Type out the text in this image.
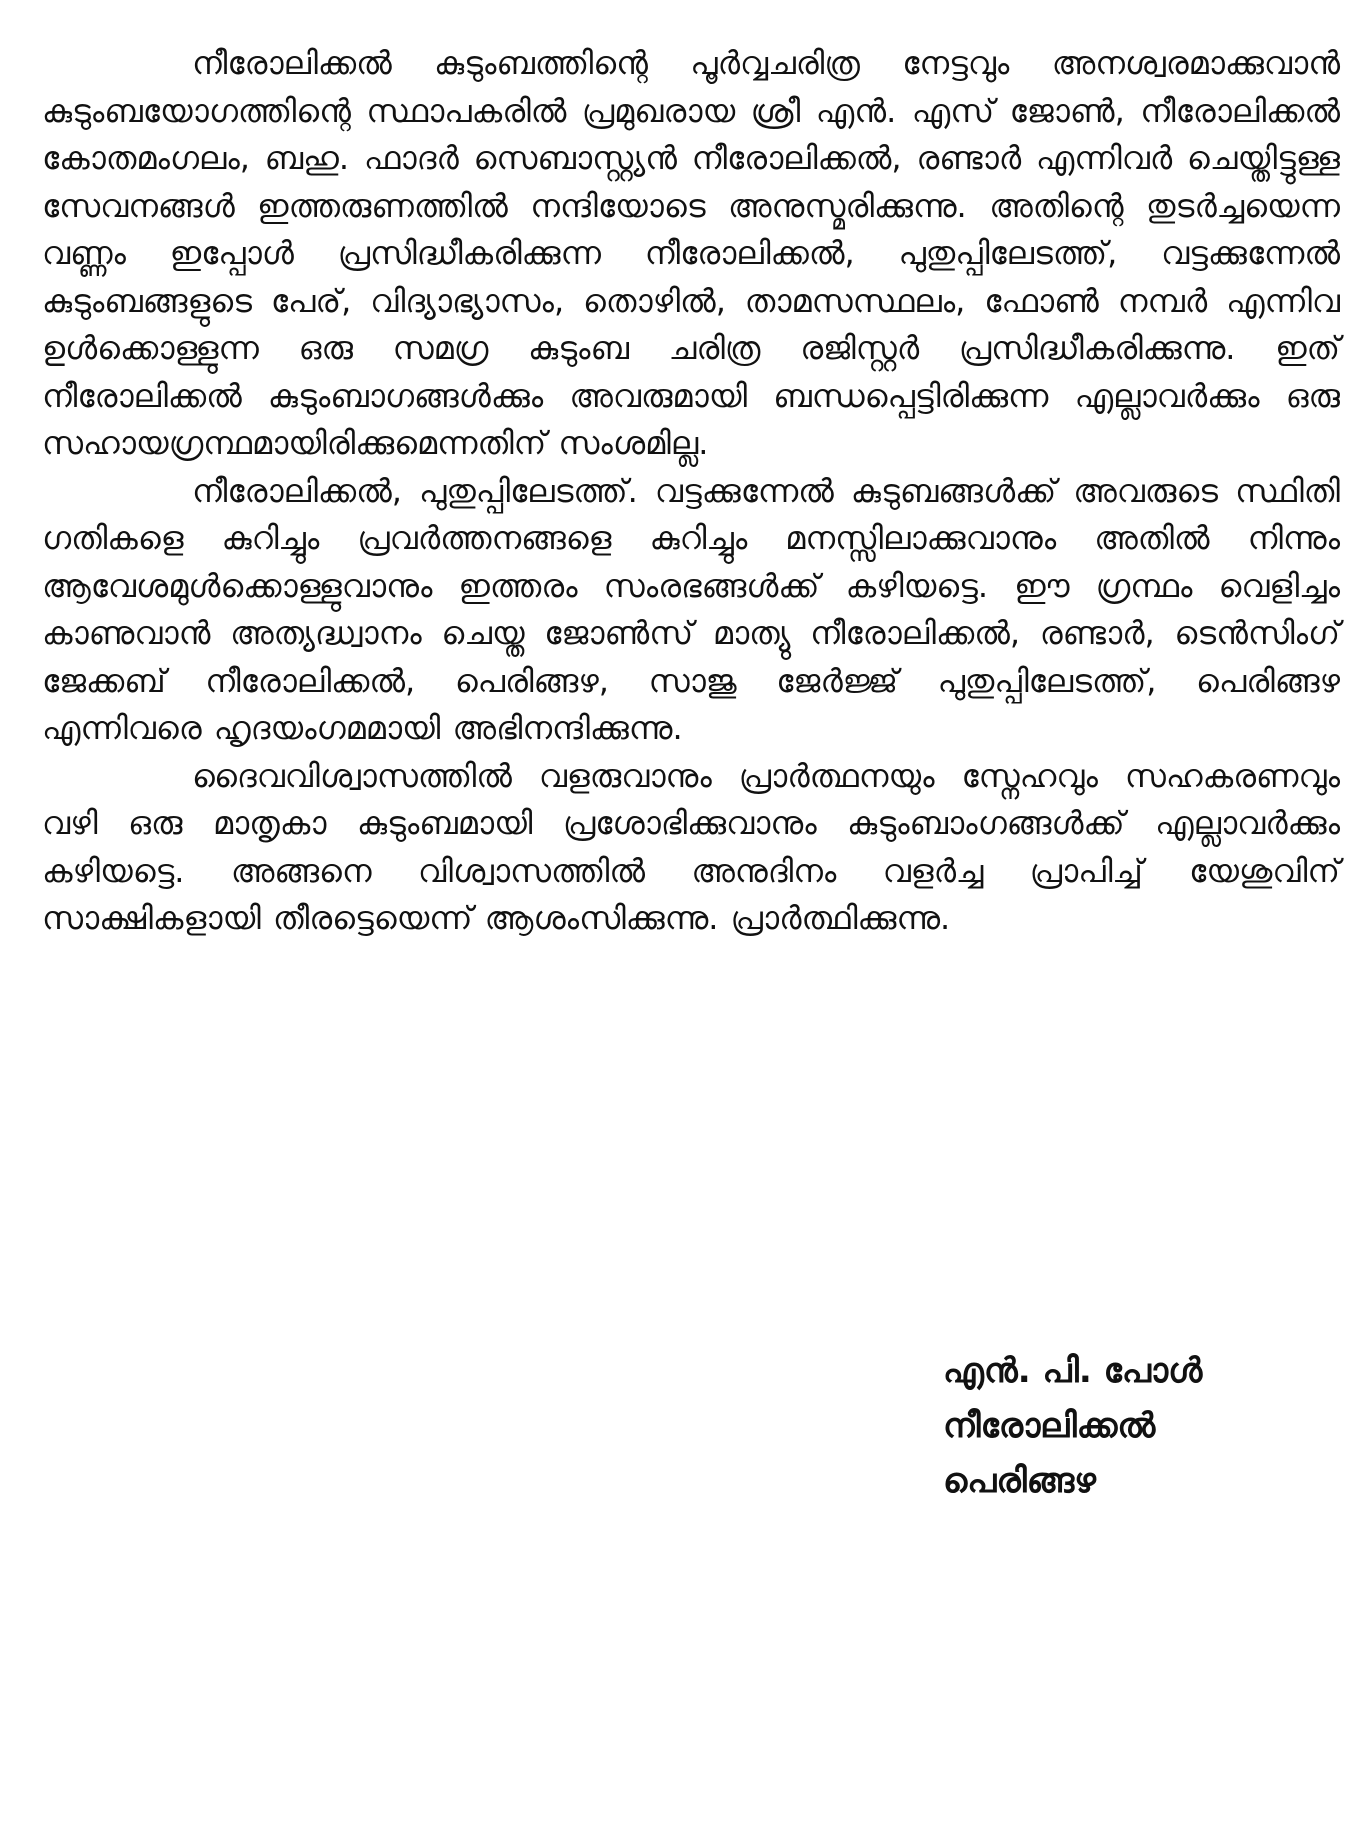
നീരോലിക്കൽ കുടുംബത്തിന്റെ പൂർവ്വചരിത്ര നേട്ടവും അനശ്വരമാക്കുവാൻ കുടുംബയോഗത്തിന്റെ സ്ഥാപകരിൽ പ്രമുഖരായ ശ്രീ എൻ. എസ് ജോൺ, നീരോലിക്കൽ കോതമംഗലം, ബഹു. ഫാദർ സെബാസ്റ്റ്യൻ നീരോലിക്കൽ, രണ്ടാർ എന്നിവർ ചെയ്തിട്ടുള്ള സേവനങ്ങൾ ഇത്തരുണത്തിൽ നന്ദിയോടെ അനുസ്മരിക്കുന്നു. അതിന്റെ തുടർച്ചയെന്ന വണ്ണം ഇപ്പോൾ പ്രസിദ്ധീകരിക്കുന്ന നീരോലിക്കൽ, പുതുപ്പിലേടത്ത്, വട്ടക്കുന്നേൽ കുടുംബങ്ങളുടെ പേര്, വിദ്യാഭ്യാസം, തൊഴിൽ, താമസസ്ഥലം, ഫോൺ നമ്പർ എന്നിവ ഉൾക്കൊള്ളുന്ന ഒരു സമഗ്ര കുടുംബ ചരിത്ര രജിസ്റ്റർ പ്രസിദ്ധീകരിക്കുന്നു. ഇത് നീരോലിക്കൽ കുടുംബാഗങ്ങൾക്കും അവരുമായി ബന്ധപ്പെട്ടിരിക്കുന്ന എല്ലാവർക്കും ഒരു സഹായഗ്രന്ഥമായിരിക്കുമെന്നതിന് സംശമില്ല.

നീരോലിക്കൽ, പുതുപ്പിലേടത്ത്. വട്ടക്കുന്നേൽ കുടുബങ്ങൾക്ക് അവരുടെ സ്ഥിതി ഗതികളെ കുറിച്ചും പ്രവർത്തനങ്ങളെ കുറിച്ചും മനസ്സിലാക്കുവാനും അതിൽ നിന്നും ആവേശമുൾക്കൊള്ളുവാനും ഇത്തരം സംരഭങ്ങൾക്ക് കഴിയട്ടെ. ഈ ഗ്രന്ഥം വെളിച്ചം കാണുവാൻ അത്യദ്ധ്വാനം ചെയ്ത ജോൺസ് മാത്യു നീരോലിക്കൽ, രണ്ടാർ, ടെൻസിംഗ് ജേക്കബ് നീരോലിക്കൽ, പെരിങ്ങഴ, സാജു ജേർജ്ജ് പുതുപ്പിലേടത്ത്, പെരിങ്ങഴ എന്നിവരെ ഹൃദയംഗമമായി അഭിനന്ദിക്കുന്നു.

ദൈവവിശ്വാസത്തിൽ വളരുവാനും പ്രാർത്ഥനയും സ്നേഹവും സഹകരണവും വഴി ഒരു മാതൃകാ കുടുംബമായി പ്രശോഭിക്കുവാനും കുടുംബാംഗങ്ങൾക്ക് എല്ലാവർക്കും കഴിയട്ടെ. അങ്ങനെ വിശ്വാസത്തിൽ അനുദിനം വളർച്ച പ്രാപിച്ച് യേശുവിന് സാക്ഷികളായി തീരട്ടെയെന്ന് ആശംസിക്കുന്നു. പ്രാർത്ഥിക്കുന്നു.

എൻ. പി. പോൾ
നീരോലിക്കൽ
പെരിങ്ങഴ
